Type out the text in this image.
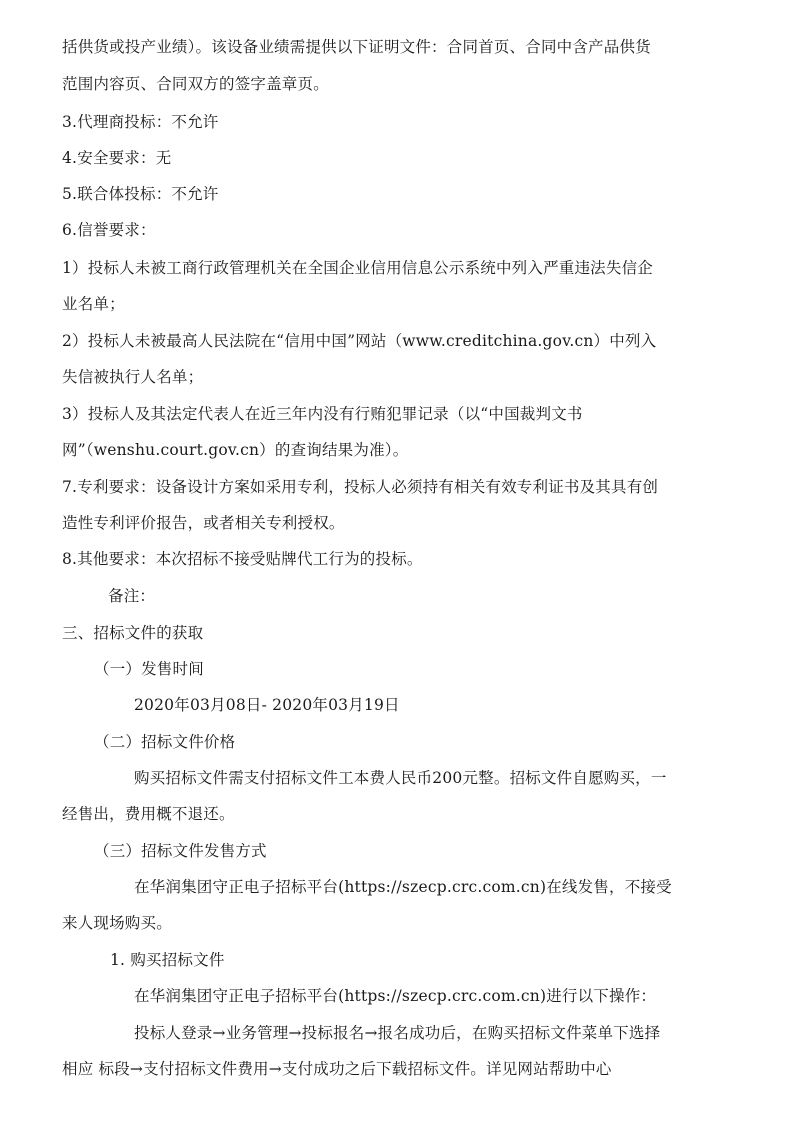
括供货或投产业绩）。该设备业绩需提供以下证明文件：合同首页、合同中含产品供货
范围内容页、合同双方的签字盖章页。
3.代理商投标：不允许
4.安全要求：无
5.联合体投标：不允许
6.信誉要求：
1）投标人未被工商行政管理机关在全国企业信用信息公示系统中列入严重违法失信企
业名单；
2）投标人未被最高人民法院在“信用中国”网站（www.creditchina.gov.cn）中列入
失信被执行人名单；
3）投标人及其法定代表人在近三年内没有行贿犯罪记录（以“中国裁判文书
网”（wenshu.court.gov.cn）的查询结果为准）。
7.专利要求：设备设计方案如采用专利，投标人必须持有相关有效专利证书及其具有创
造性专利评价报告，或者相关专利授权。
8.其他要求：本次招标不接受贴牌代工行为的投标。
备注：
三、招标文件的获取
（一）发售时间
2020年03月08日- 2020年03月19日
（二）招标文件价格
购买招标文件需支付招标文件工本费人民币200元整。招标文件自愿购买，一
经售出，费用概不退还。
（三）招标文件发售方式
在华润集团守正电子招标平台(https://szecp.crc.com.cn)在线发售，不接受
来人现场购买。
1. 购买招标文件
在华润集团守正电子招标平台(https://szecp.crc.com.cn)进行以下操作：
投标人登录→业务管理→投标报名→报名成功后，在购买招标文件菜单下选择
相应 标段→支付招标文件费用→支付成功之后下载招标文件。详见网站帮助中心
